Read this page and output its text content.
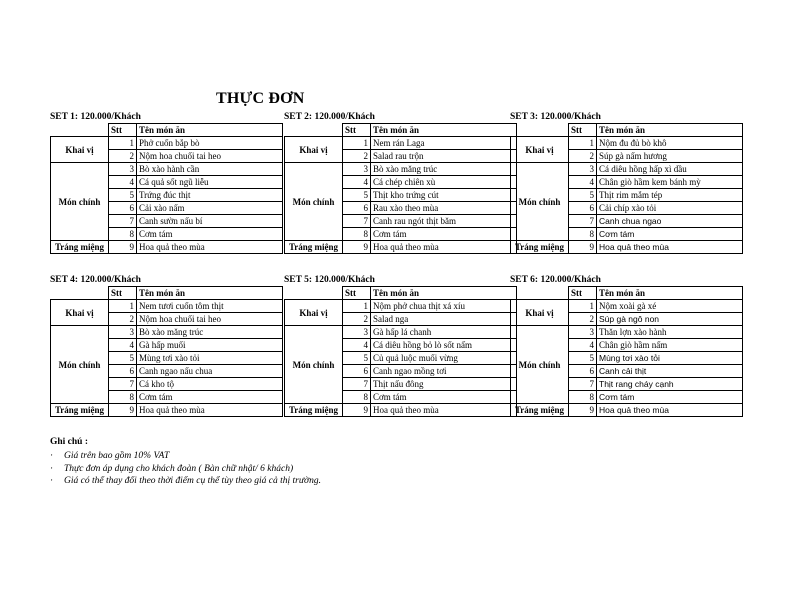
THỰC ĐƠN
SET 1: 120.000/Khách
	Stt	Tên món ăn
Khai vị	1	Phở cuốn bắp bò
	2	Nộm hoa chuối tai heo
Món chính	3	Bò xào hành cần
	4	Cá quả sốt ngũ liễu
	5	Trứng đúc thịt
	6	Cải xào nấm
	7	Canh sườn nấu bí
	8	Cơm tám
Tráng miệng	9	Hoa quả theo mùa
SET 2: 120.000/Khách
	Stt	Tên món ăn
Khai vị	1	Nem rán Laga
	2	Salad rau trộn
Món chính	3	Bò xào măng trúc
	4	Cá chép chiên xù
	5	Thịt kho trứng cút
	6	Rau xào theo mùa
	7	Canh rau ngót thịt băm
	8	Cơm tám
Tráng miệng	9	Hoa quả theo mùa
SET 3: 120.000/Khách
	Stt	Tên món ăn
Khai vị	1	Nộm đu đủ bò khô
	2	Súp gà nấm hương
Món chính	3	Cá diêu hồng hấp xì dầu
	4	Chân giò hầm kem bánh mỳ
	5	Thịt rim mắm tép
	6	Cải chíp xào tỏi
	7	Canh chua ngao
	8	Cơm tám
Tráng miệng	9	Hoa quả theo mùa
SET 4: 120.000/Khách
	Stt	Tên món ăn
Khai vị	1	Nem tươi cuốn tôm thịt
	2	Nộm hoa chuối tai heo
Món chính	3	Bò xào măng trúc
	4	Gà hấp muối
	5	Mùng tơi xào tỏi
	6	Canh ngao nấu chua
	7	Cá kho tộ
	8	Cơm tám
Tráng miệng	9	Hoa quả theo mùa
SET 5: 120.000/Khách
	Stt	Tên món ăn
Khai vị	1	Nộm phở chua thịt xá xíu
	2	Salad nga
Món chính	3	Gà hấp lá chanh
	4	Cá diêu hồng bỏ lò sốt nấm
	5	Củ quả luộc muối vừng
	6	Canh ngao mồng tơi
	7	Thịt nấu đông
	8	Cơm tám
Tráng miệng	9	Hoa quả theo mùa
SET 6: 120.000/Khách
	Stt	Tên món ăn
Khai vị	1	Nộm xoài gà xé
	2	Súp gà ngô non
Món chính	3	Thăn lợn xào hành
	4	Chân giò hầm nấm
	5	Mùng tơi xào tỏi
	6	Canh cải thịt
	7	Thịt rang cháy cạnh
	8	Cơm tám
Tráng miệng	9	Hoa quả theo mùa
Ghi chú :
· Giá trên bao gồm 10% VAT
· Thực đơn áp dụng cho khách đoàn ( Bàn chữ nhật/ 6 khách)
· Giá có thể thay đổi theo thời điểm cụ thể tùy theo giá cả thị trường.
